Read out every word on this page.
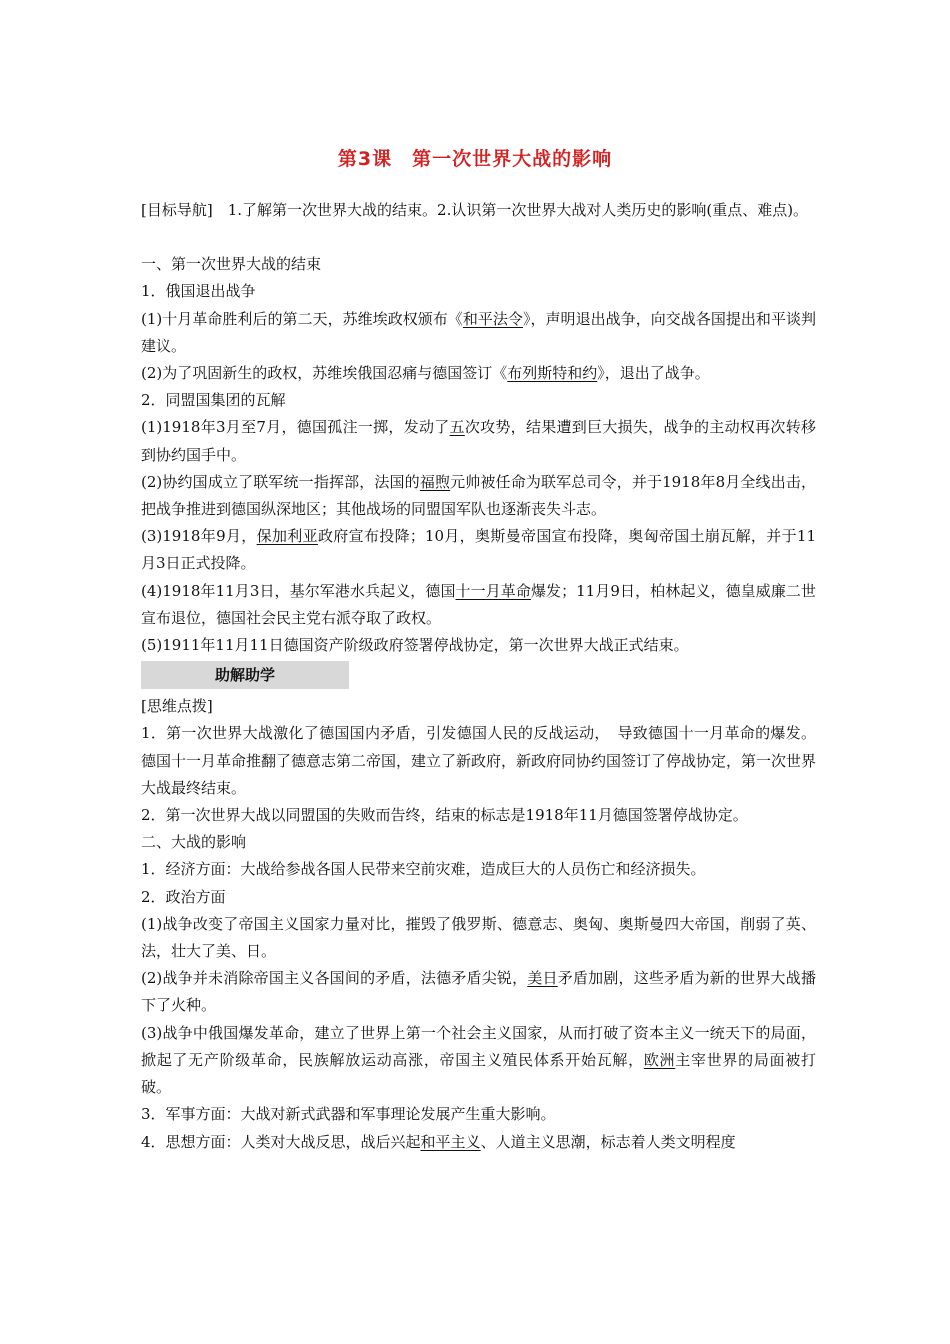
第3课　第一次世界大战的影响

[目标导航]　1.了解第一次世界大战的结束。2.认识第一次世界大战对人类历史的影响(重点、难点)。

一、第一次世界大战的结束

1．俄国退出战争

(1)十月革命胜利后的第二天，苏维埃政权颁布《和平法令》，声明退出战争，向交战各国提出和平谈判建议。

(2)为了巩固新生的政权，苏维埃俄国忍痛与德国签订《布列斯特和约》，退出了战争。

2．同盟国集团的瓦解

(1)1918年3月至7月，德国孤注一掷，发动了五次攻势，结果遭到巨大损失，战争的主动权再次转移到协约国手中。

(2)协约国成立了联军统一指挥部，法国的福煦元帅被任命为联军总司令，并于1918年8月全线出击，把战争推进到德国纵深地区；其他战场的同盟国军队也逐渐丧失斗志。

(3)1918年9月，保加利亚政府宣布投降；10月，奥斯曼帝国宣布投降，奥匈帝国土崩瓦解，并于11月3日正式投降。

(4)1918年11月3日，基尔军港水兵起义，德国十一月革命爆发；11月9日，柏林起义，德皇威廉二世宣布退位，德国社会民主党右派夺取了政权。

(5)1911年11月11日德国资产阶级政府签署停战协定，第一次世界大战正式结束。

助解助学

[思维点拨]

1．第一次世界大战激化了德国国内矛盾，引发德国人民的反战运动，　导致德国十一月革命的爆发。德国十一月革命推翻了德意志第二帝国，建立了新政府，新政府同协约国签订了停战协定，第一次世界大战最终结束。

2．第一次世界大战以同盟国的失败而告终，结束的标志是1918年11月德国签署停战协定。

二、大战的影响

1．经济方面：大战给参战各国人民带来空前灾难，造成巨大的人员伤亡和经济损失。

2．政治方面

(1)战争改变了帝国主义国家力量对比，摧毁了俄罗斯、德意志、奥匈、奥斯曼四大帝国，削弱了英、法，壮大了美、日。

(2)战争并未消除帝国主义各国间的矛盾，法德矛盾尖锐，美日矛盾加剧，这些矛盾为新的世界大战播下了火种。

(3)战争中俄国爆发革命，建立了世界上第一个社会主义国家，从而打破了资本主义一统天下的局面，掀起了无产阶级革命，民族解放运动高涨，帝国主义殖民体系开始瓦解，欧洲主宰世界的局面被打破。

3．军事方面：大战对新式武器和军事理论发展产生重大影响。

4．思想方面：人类对大战反思，战后兴起和平主义、人道主义思潮，标志着人类文明程度
